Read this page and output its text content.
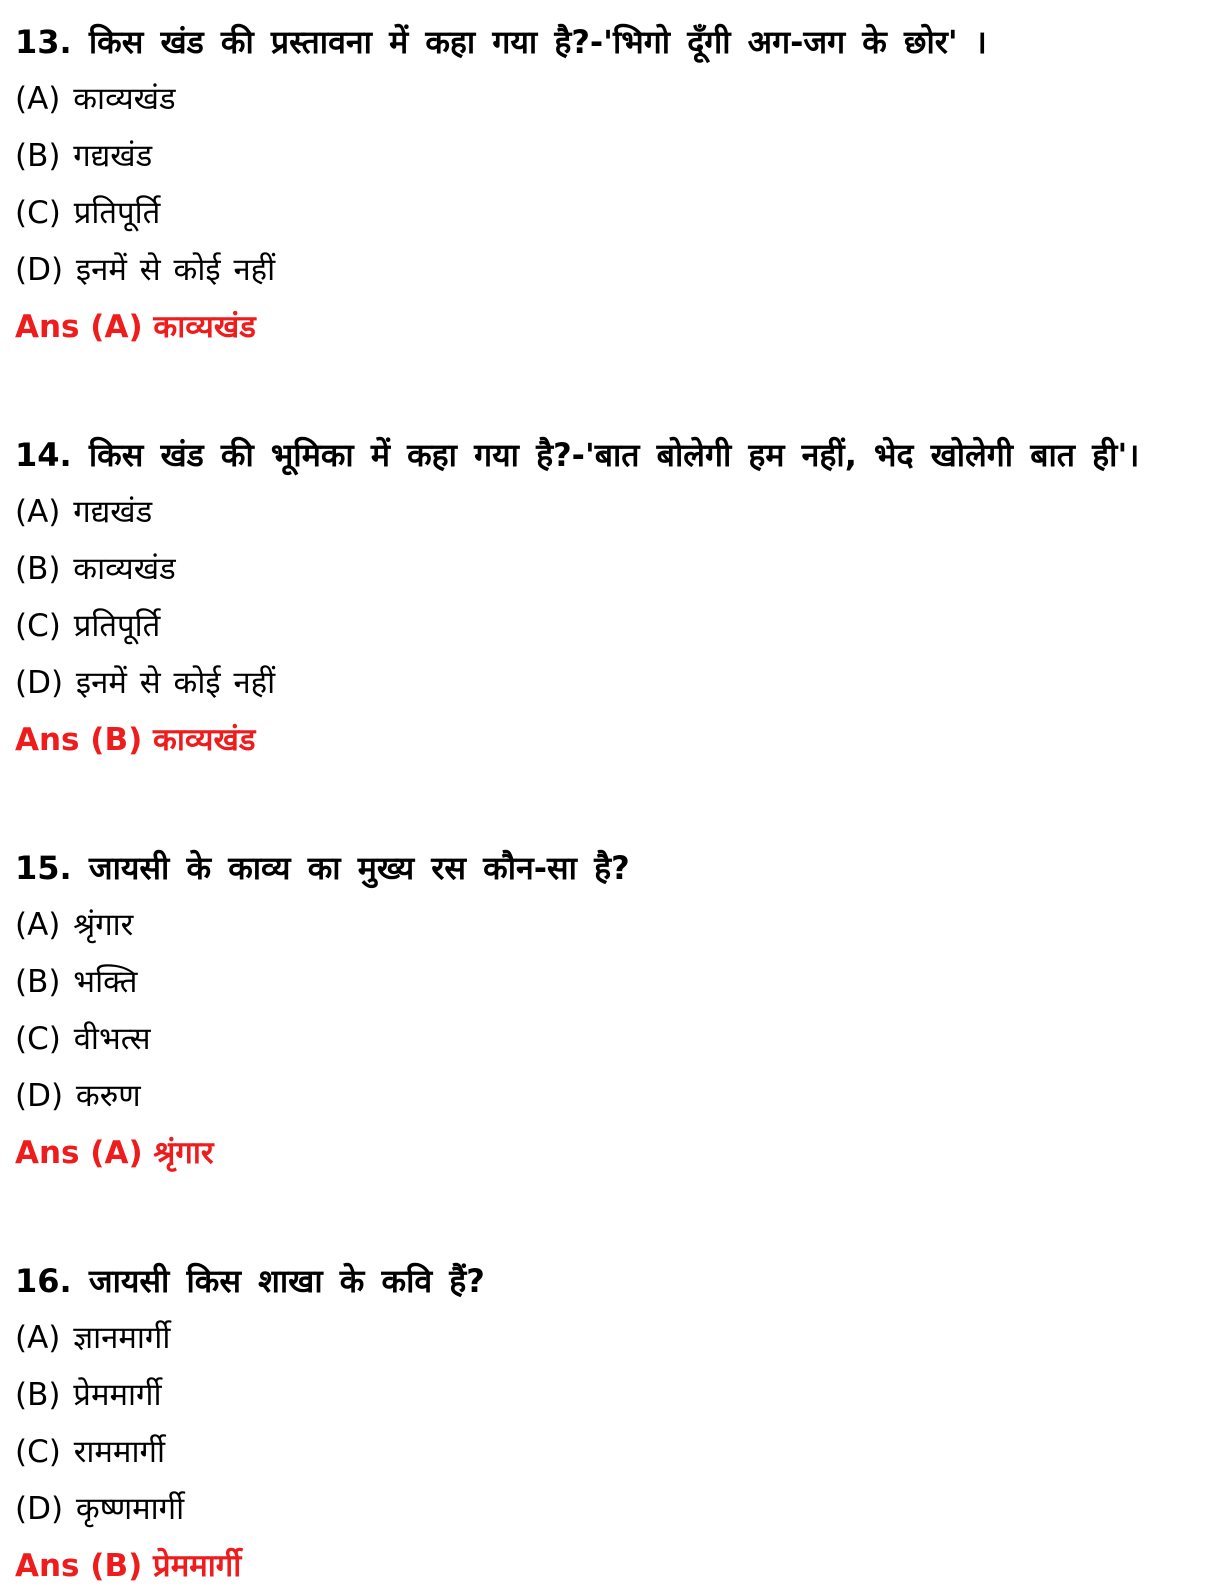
13. किस खंड की प्रस्तावना में कहा गया है?-'भिगो दूँगी अग-जग के छोर' ।
(A) काव्यखंड
(B) गद्यखंड
(C) प्रतिपूर्ति
(D) इनमें से कोई नहीं
Ans (A) काव्यखंड
14. किस खंड की भूमिका में कहा गया है?-'बात बोलेगी हम नहीं, भेद खोलेगी बात ही'।
(A) गद्यखंड
(B) काव्यखंड
(C) प्रतिपूर्ति
(D) इनमें से कोई नहीं
Ans (B) काव्यखंड
15. जायसी के काव्य का मुख्य रस कौन-सा है?
(A) श्रृंगार
(B) भक्ति
(C) वीभत्स
(D) करुण
Ans (A) श्रृंगार
16. जायसी किस शाखा के कवि हैं?
(A) ज्ञानमार्गी
(B) प्रेममार्गी
(C) राममार्गी
(D) कृष्णमार्गी
Ans (B) प्रेममार्गी
